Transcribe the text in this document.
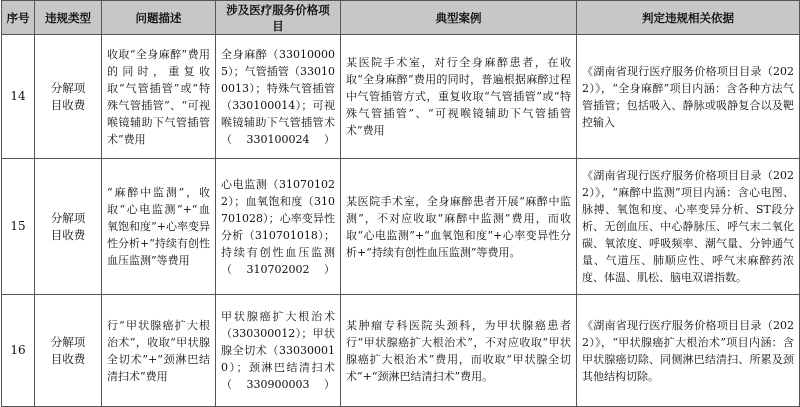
序号	违规类型	问题描述	涉及医疗服务价格项目	典型案例	判定违规相关依据
14	分解项目收费	收取“全身麻醉”费用的同时，重复收取“气管插管”或“特殊气管插管”、“可视喉镜辅助下气管插管术”费用	全身麻醉（330100005）；气管插管（330100013）；特殊气管插管（330100014）；可视喉镜辅助下气管插管术（330100024）	某医院手术室，对行全身麻醉患者，在收取“全身麻醉”费用的同时，普遍根据麻醉过程中气管插管方式，重复收取“气管插管”或“特殊气管插管”、“可视喉镜辅助下气管插管术”费用	《湖南省现行医疗服务价格项目目录（2022）》，“全身麻醉”项目内涵：含各种方法气管插管；包括吸入、静脉或吸静复合以及靶控输入
15	分解项目收费	“麻醉中监测”，收取“心电监测”+“血氧饱和度”+心率变异性分析+“持续有创性血压监测”等费用	心电监测（310701022）；血氧饱和度（310701028）；心率变异性分析（310701018）；持续有创性血压监测（310702002）	某医院手术室，全身麻醉患者开展“麻醉中监测”，不对应收取“麻醉中监测”费用，而收取“心电监测”+“血氧饱和度”+心率变异性分析+“持续有创性血压监测”等费用。	《湖南省现行医疗服务价格项目目录（2022）》，“麻醉中监测”项目内涵：含心电图、脉搏、氧饱和度、心率变异分析、ST段分析、无创血压、中心静脉压、呼气末二氧化碳、氧浓度、呼吸频率、潮气量、分钟通气量、气道压、肺顺应性、呼气末麻醉药浓度、体温、肌松、脑电双谱指数。
16	分解项目收费	行“甲状腺癌扩大根治术”，收取“甲状腺全切术”+“颈淋巴结清扫术”费用	甲状腺癌扩大根治术（330300012）；甲状腺全切术（330300010）；颈淋巴结清扫术（330900003）	某肿瘤专科医院头颈科，为甲状腺癌患者行“甲状腺癌扩大根治术”，不对应收取“甲状腺癌扩大根治术”费用，而收取“甲状腺全切术”+“颈淋巴结清扫术”费用。	《湖南省现行医疗服务价格项目目录（2022）》，“甲状腺癌扩大根治术”项目内涵：含甲状腺癌切除、同侧淋巴结清扫、所累及颈其他结构切除。
